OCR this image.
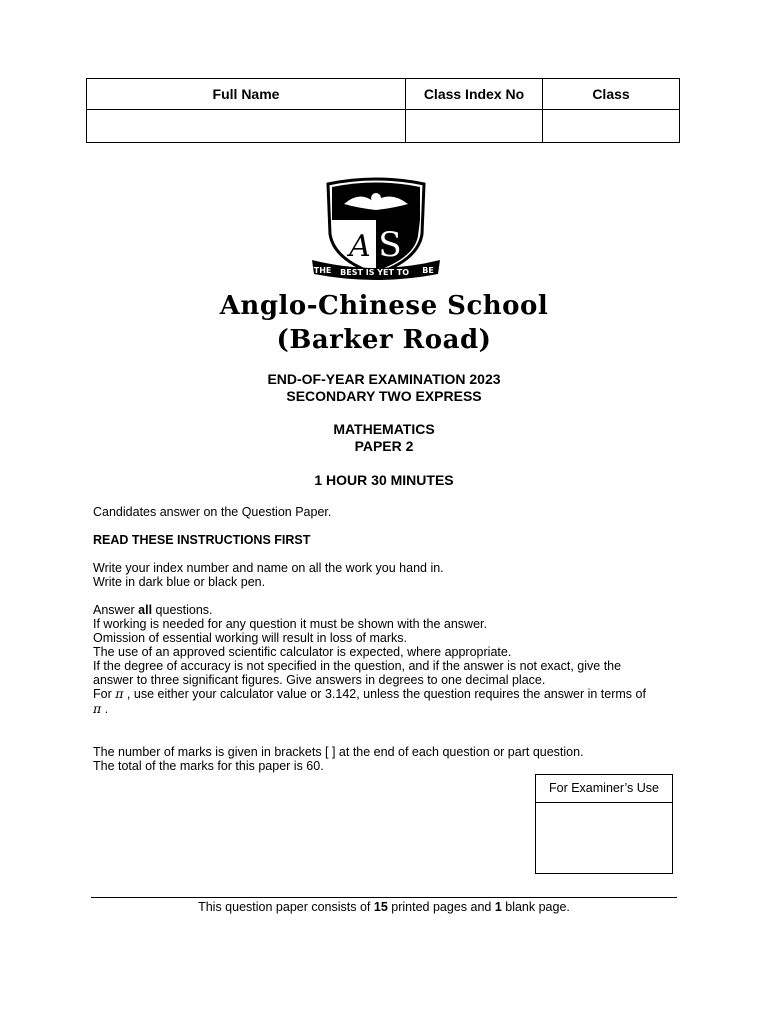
Full Name	Class Index No	Class

A S
THE BEST IS YET TO BE
Anglo-Chinese School
(Barker Road)
END-OF-YEAR EXAMINATION 2023
SECONDARY TWO EXPRESS
MATHEMATICS
PAPER 2
1 HOUR 30 MINUTES
Candidates answer on the Question Paper.
READ THESE INSTRUCTIONS FIRST
Write your index number and name on all the work you hand in.
Write in dark blue or black pen.
Answer all questions.
If working is needed for any question it must be shown with the answer.
Omission of essential working will result in loss of marks.
The use of an approved scientific calculator is expected, where appropriate.
If the degree of accuracy is not specified in the question, and if the answer is not exact, give the
answer to three significant figures. Give answers in degrees to one decimal place.
For π , use either your calculator value or 3.142, unless the question requires the answer in terms of
π .
The number of marks is given in brackets [ ] at the end of each question or part question.
The total of the marks for this paper is 60.
For Examiner’s Use
This question paper consists of 15 printed pages and 1 blank page.
